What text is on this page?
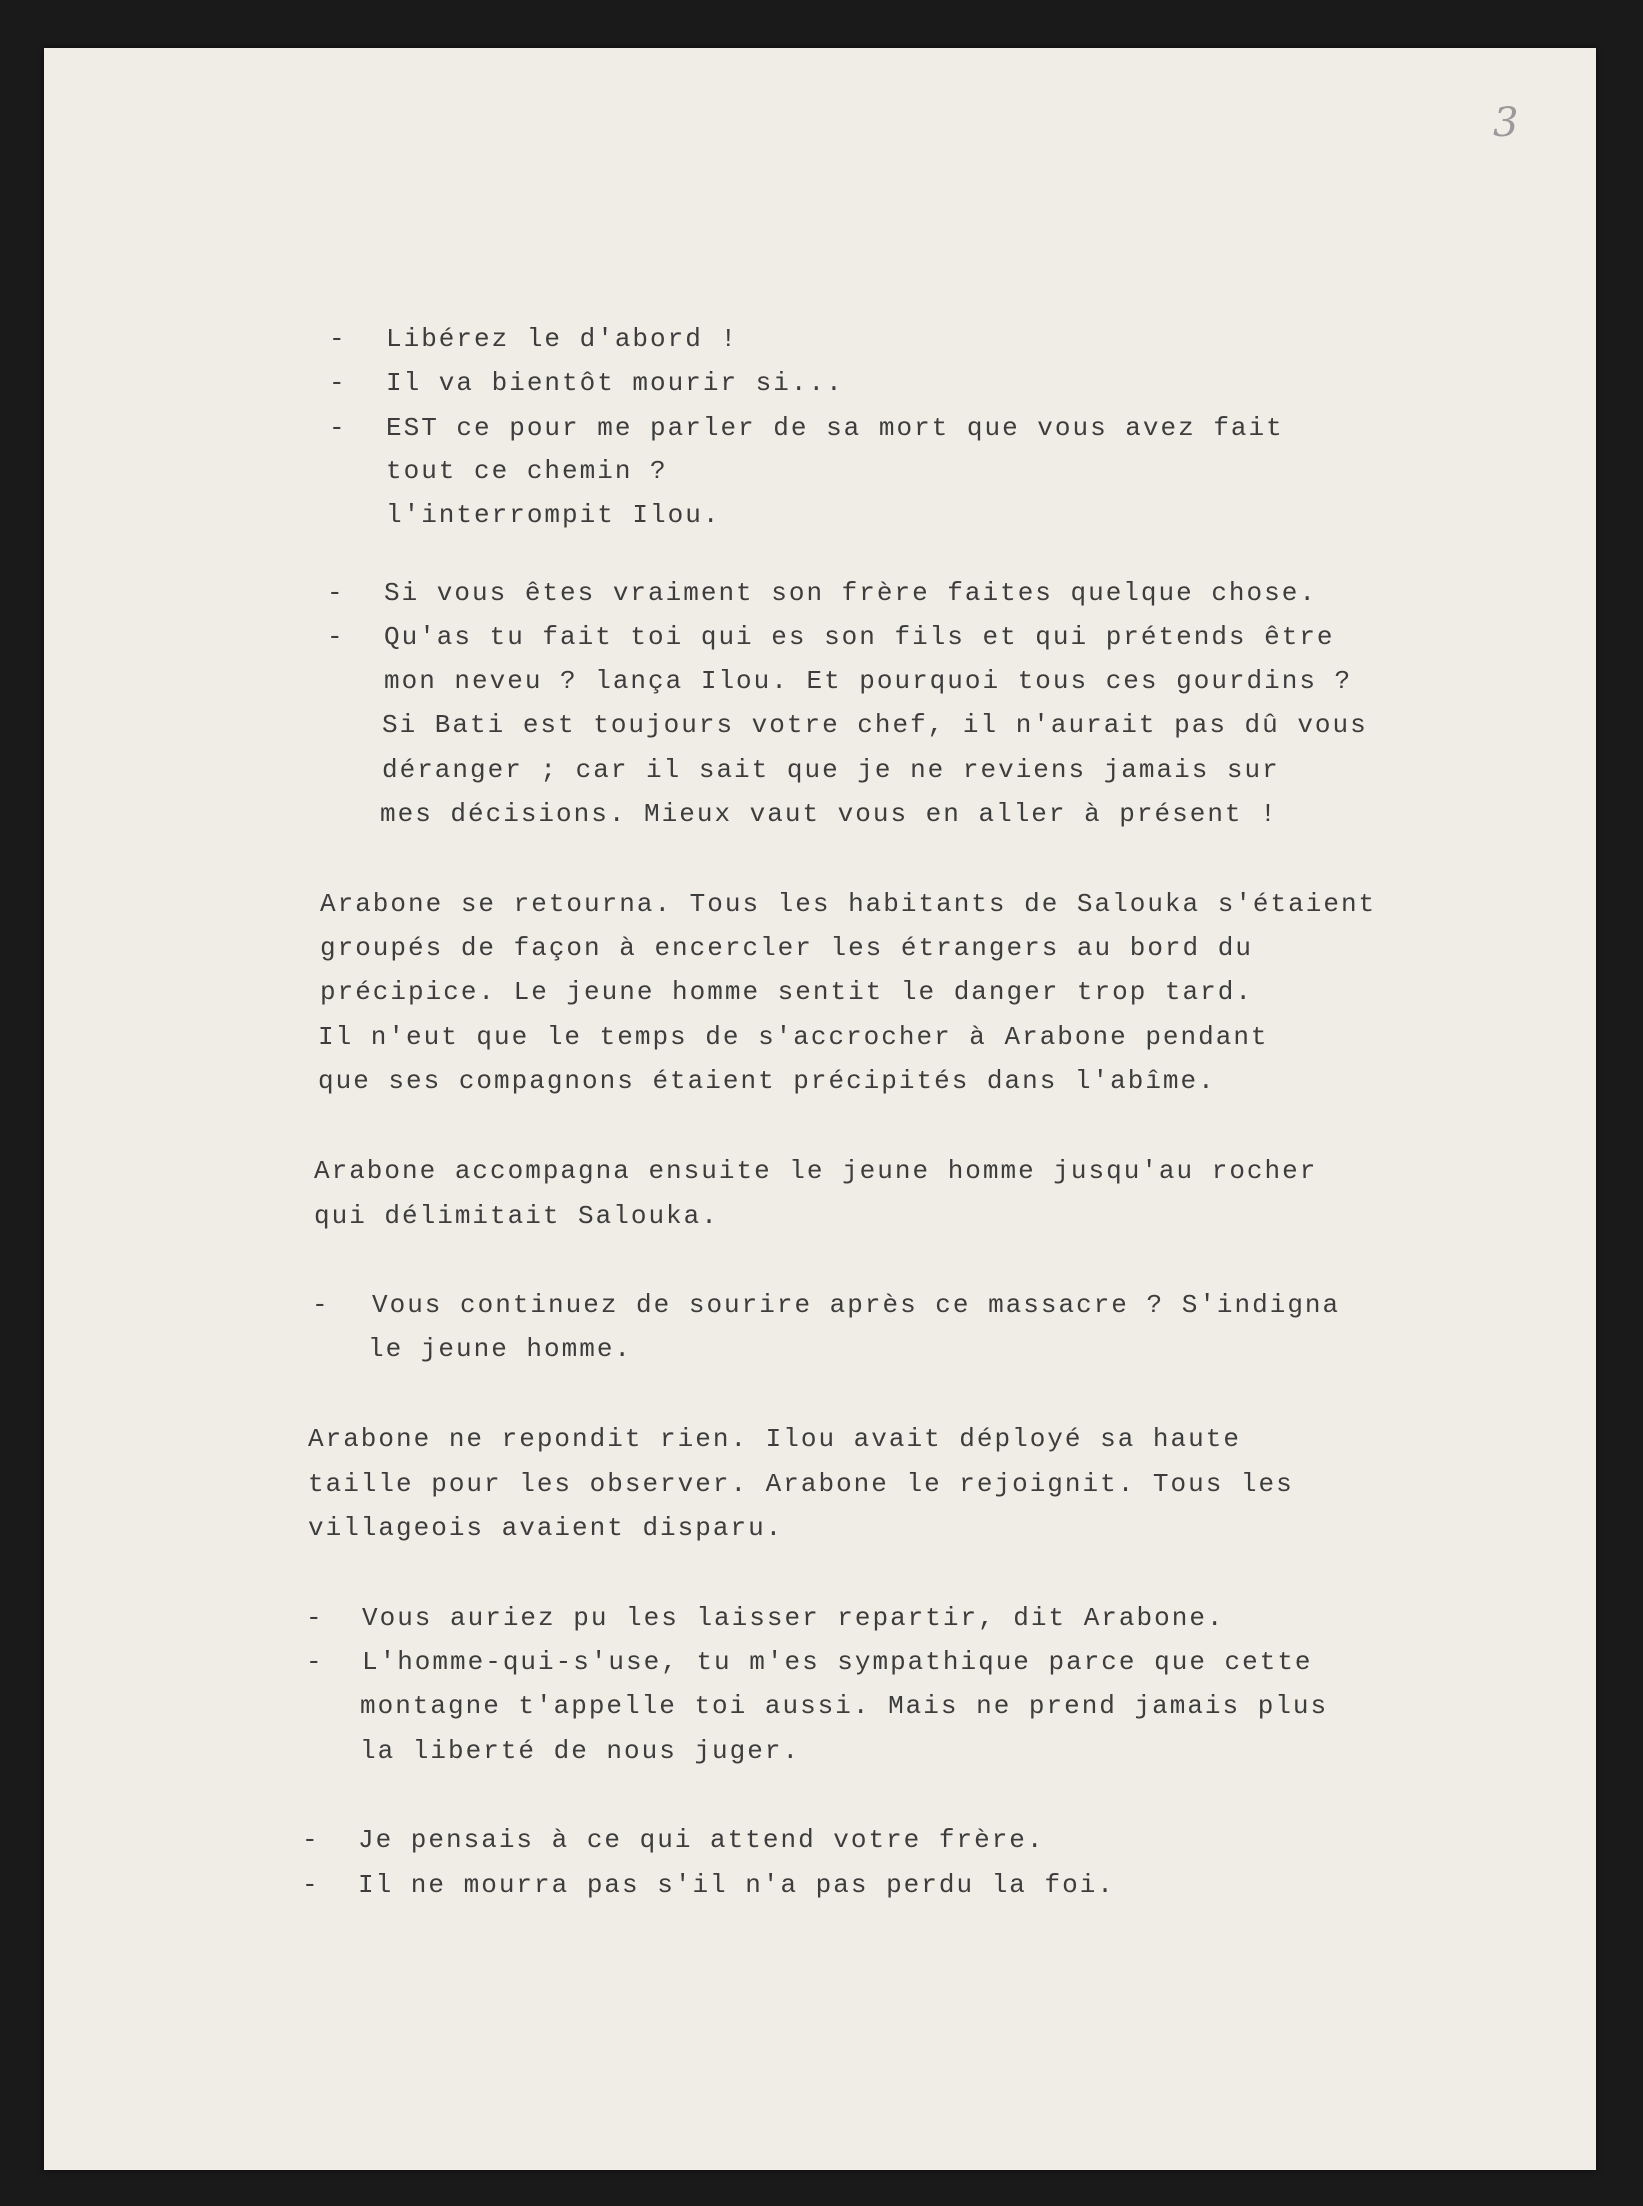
3
- Libérez le d'abord !
- Il va bientôt mourir si...
- EST ce pour me parler de sa mort que vous avez fait
tout ce chemin ?
l'interrompit Ilou.
- Si vous êtes vraiment son frère faites quelque chose.
- Qu'as tu fait toi qui es son fils et qui prétends être
mon neveu ? lança Ilou. Et pourquoi tous ces gourdins ?
Si Bati est toujours votre chef, il n'aurait pas dû vous
déranger ; car il sait que je ne reviens jamais sur
mes décisions. Mieux vaut vous en aller à présent !
Arabone se retourna. Tous les habitants de Salouka s'étaient
groupés de façon à encercler les étrangers au bord du
précipice. Le jeune homme sentit le danger trop tard.
Il n'eut que le temps de s'accrocher à Arabone pendant
que ses compagnons étaient précipités dans l'abîme.
Arabone accompagna ensuite le jeune homme jusqu'au rocher
qui délimitait Salouka.
- Vous continuez de sourire après ce massacre ? S'indigna
le jeune homme.
Arabone ne repondit rien. Ilou avait déployé sa haute
taille pour les observer. Arabone le rejoignit. Tous les
villageois avaient disparu.
- Vous auriez pu les laisser repartir, dit Arabone.
- L'homme-qui-s'use, tu m'es sympathique parce que cette
montagne t'appelle toi aussi. Mais ne prend jamais plus
la liberté de nous juger.
- Je pensais à ce qui attend votre frère.
- Il ne mourra pas s'il n'a pas perdu la foi.
